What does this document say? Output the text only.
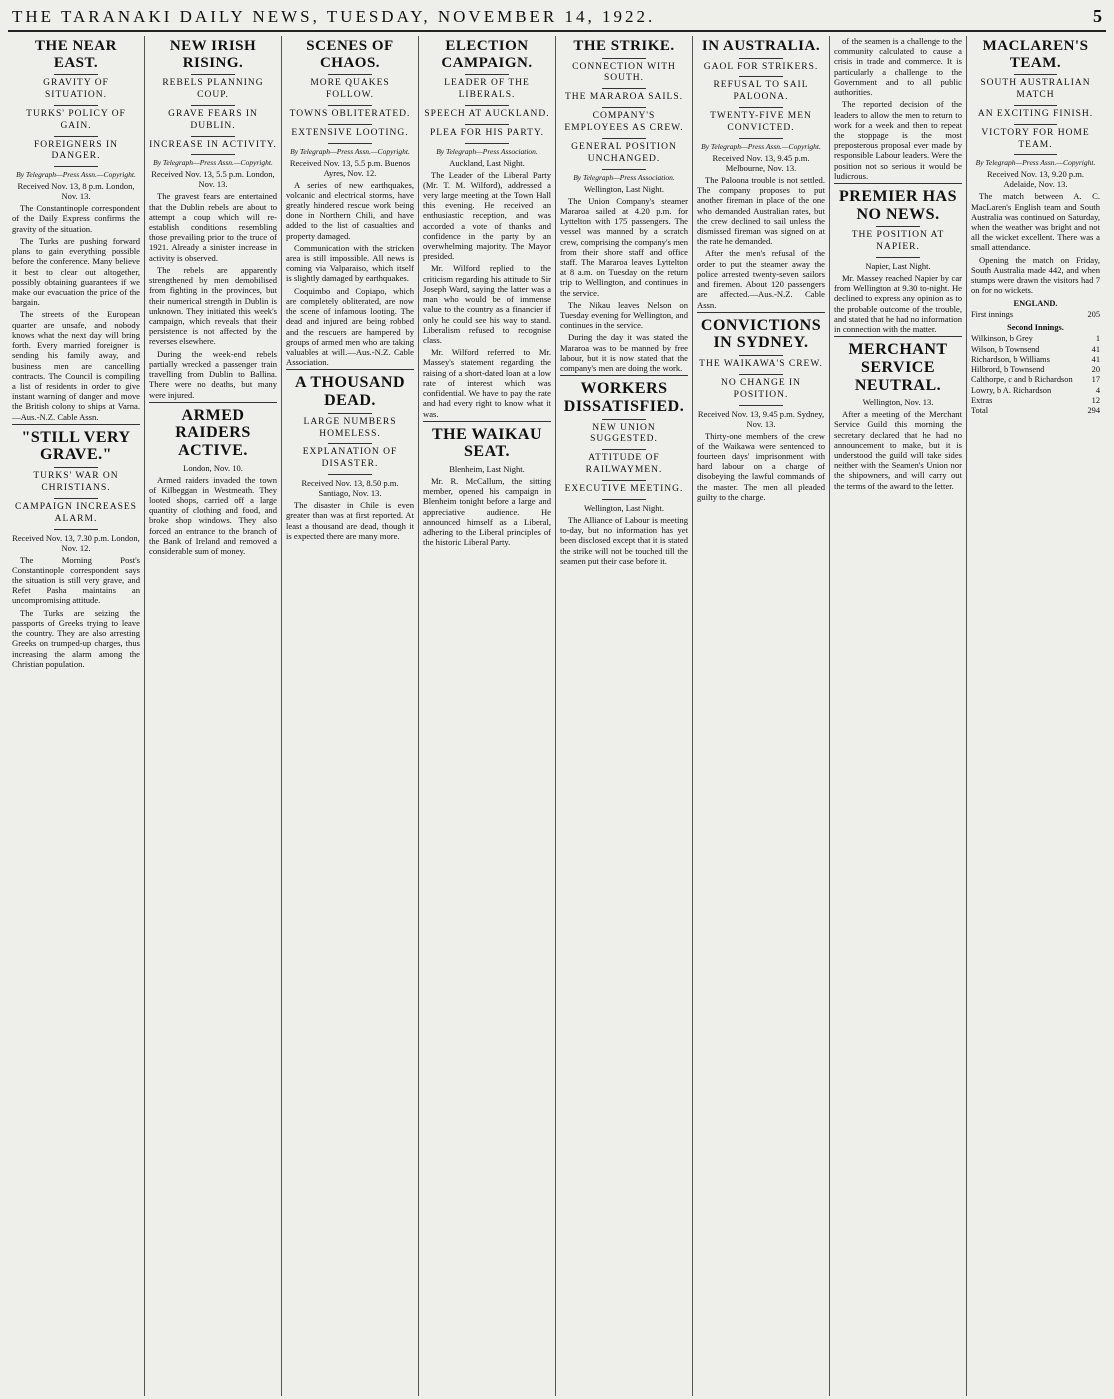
THE TARANAKI DAILY NEWS, TUESDAY, NOVEMBER 14, 1922.	5
THE NEAR EAST.
GRAVITY OF SITUATION.
TURKS' POLICY OF GAIN.
FOREIGNERS IN DANGER.
By Telegraph—Press Assn.—Copyright.
Received Nov. 13, 8 p.m. London, Nov. 13.

The Constantinople correspondent of the Daily Express confirms the gravity of the situation.

The Turks are pushing forward plans to gain everything possible before the conference. Many believe it best to clear out altogether, possibly obtaining guarantees if we make our evacuation the price of the bargain.

The streets of the European quarter are unsafe, and nobody knows what the next day will bring forth. Every married foreigner is sending his family away, and business men are cancelling contracts. The Council is compiling a list of residents in order to give instant warning of danger and move the British colony to ships at Varna.—Aus.-N.Z. Cable Assn.

"STILL VERY GRAVE."
TURKS' WAR ON CHRISTIANS.
CAMPAIGN INCREASES ALARM.
Received Nov. 13, 7.30 p.m. London, Nov. 12.

The Morning Post's Constantinople correspondent says the situation is still very grave, and Refet Pasha maintains an uncompromising attitude.

The Turks are seizing the passports of Greeks trying to leave the country. They are also arresting Greeks on trumped-up charges, thus increasing the alarm among the Christian population.

NEW IRISH RISING.
REBELS PLANNING COUP.
GRAVE FEARS IN DUBLIN.
INCREASE IN ACTIVITY.
By Telegraph—Press Assn.—Copyright.
Received Nov. 13, 5.5 p.m. London, Nov. 13.

The gravest fears are entertained that the Dublin rebels are about to attempt a coup which will re-establish conditions resembling those prevailing prior to the truce of 1921. Already a sinister increase in activity is observed.

The rebels are apparently strengthened by men demobilised from fighting in the provinces, but their numerical strength in Dublin is unknown. They initiated this week's campaign, which reveals that their persistence is not affected by the reverses elsewhere.

During the week-end rebels partially wrecked a passenger train travelling from Dublin to Ballina. There were no deaths, but many were injured.

ARMED RAIDERS ACTIVE.
London, Nov. 10.

Armed raiders invaded the town of Kilbeggan in Westmeath. They looted shops, carried off a large quantity of clothing and food, and broke shop windows. They also forced an entrance to the branch of the Bank of Ireland and removed a considerable sum of money.

SCENES OF CHAOS.
MORE QUAKES FOLLOW.
TOWNS OBLITERATED.
EXTENSIVE LOOTING.
By Telegraph—Press Assn.—Copyright.
Received Nov. 13, 5.5 p.m. Buenos Ayres, Nov. 12.

A series of new earthquakes, volcanic and electrical storms, have greatly hindered rescue work being done in Northern Chili, and have added to the list of casualties and property damaged.

Communication with the stricken area is still impossible. All news is coming via Valparaiso, which itself is slightly damaged by earthquakes.

Coquimbo and Copiapo, which are completely obliterated, are now the scene of infamous looting. The dead and injured are being robbed and the rescuers are hampered by groups of armed men who are taking valuables at will.—Aus.-N.Z. Cable Association.

A THOUSAND DEAD.
LARGE NUMBERS HOMELESS.
EXPLANATION OF DISASTER.
Received Nov. 13, 8.50 p.m. Santiago, Nov. 13.

The disaster in Chile is even greater than was at first reported. At least a thousand are dead, though it is expected there are many more.

ELECTION CAMPAIGN.
LEADER OF THE LIBERALS.
SPEECH AT AUCKLAND.
PLEA FOR HIS PARTY.
By Telegraph—Press Association.
Auckland, Last Night.

The Leader of the Liberal Party (Mr. T. M. Wilford), addressed a very large meeting at the Town Hall this evening. He received an enthusiastic reception, and was accorded a vote of thanks and confidence in the party by an overwhelming majority. The Mayor presided.

Mr. Wilford replied to the criticism regarding his attitude to Sir Joseph Ward, saying the latter was a man who would be of immense value to the country as a financier if only he could see his way to stand. Liberalism refused to recognise class.

Mr. Wilford referred to Mr. Massey's statement regarding the raising of a short-dated loan at a low rate of interest which was confidential. We have to pay the rate and had every right to know what it was.

THE WAIKAU SEAT.
Blenheim, Last Night.

Mr. R. McCallum, the sitting member, opened his campaign in Blenheim tonight before a large and appreciative audience. He announced himself as a Liberal, adhering to the Liberal principles of the historic Liberal Party.

THE STRIKE.
CONNECTION WITH SOUTH.
THE MARAROA SAILS.
COMPANY'S EMPLOYEES AS CREW.
GENERAL POSITION UNCHANGED.
By Telegraph—Press Association.
Wellington, Last Night.

The Union Company's steamer Mararoa sailed at 4.20 p.m. for Lyttelton with 175 passengers. The vessel was manned by a scratch crew, comprising the company's men from their shore staff and office staff. The Mararoa leaves Lyttelton at 8 a.m. on Tuesday on the return trip to Wellington, and continues in the service.

The Nikau leaves Nelson on Tuesday evening for Wellington, and continues in the service.

During the day it was stated the Mararoa was to be manned by free labour, but it is now stated that the company's men are doing the work.

WORKERS DISSATISFIED.
NEW UNION SUGGESTED.
ATTITUDE OF RAILWAYMEN.
EXECUTIVE MEETING.
Wellington, Last Night.

The Alliance of Labour is meeting to-day, but no information has yet been disclosed except that it is stated the strike will not be touched till the seamen put their case before it.

IN AUSTRALIA.
GAOL FOR STRIKERS.
REFUSAL TO SAIL PALOONA.
TWENTY-FIVE MEN CONVICTED.
By Telegraph—Press Assn.—Copyright.
Received Nov. 13, 9.45 p.m. Melbourne, Nov. 13.

The Paloona trouble is not settled. The company proposes to put another fireman in place of the one who demanded Australian rates, but the crew declined to sail unless the dismissed fireman was signed on at the rate he demanded.

After the men's refusal of the order to put the steamer away the police arrested twenty-seven sailors and firemen. About 120 passengers are affected.—Aus.-N.Z. Cable Assn.

CONVICTIONS IN SYDNEY.
THE WAIKAWA'S CREW.
NO CHANGE IN POSITION.
Received Nov. 13, 9.45 p.m. Sydney, Nov. 13.

Thirty-one members of the crew of the Waikawa were sentenced to fourteen days' imprisonment with hard labour on a charge of disobeying the lawful commands of the master. The men all pleaded guilty to the charge.

of the seamen is a challenge to the community calculated to cause a crisis in trade and commerce. It is particularly a challenge to the Government and to all public authorities.

The reported decision of the leaders to allow the men to return to work for a week and then to repeat the stoppage is the most preposterous proposal ever made by responsible Labour leaders. Were the position not so serious it would be ludicrous.

PREMIER HAS NO NEWS.
THE POSITION AT NAPIER.
Napier, Last Night.

Mr. Massey reached Napier by car from Wellington at 9.30 to-night. He declined to express any opinion as to the probable outcome of the trouble, and stated that he had no information in connection with the matter.

MERCHANT SERVICE NEUTRAL.
Wellington, Nov. 13.

After a meeting of the Merchant Service Guild this morning the secretary declared that he had no announcement to make, but it is understood the guild will take sides neither with the Seamen's Union nor the shipowners, and will carry out the terms of the award to the letter.

MACLAREN'S TEAM.
SOUTH AUSTRALIAN MATCH
AN EXCITING FINISH.
VICTORY FOR HOME TEAM.
By Telegraph—Press Assn.—Copyright.
Received Nov. 13, 9.20 p.m. Adelaide, Nov. 13.

The match between A. C. MacLaren's English team and South Australia was continued on Saturday, when the weather was bright and not all the wicket excellent. There was a small attendance.

Opening the match on Friday, South Australia made 442, and when stumps were drawn the visitors had 7 on for no wickets.

ENGLAND.
First innings	205
Second Innings.
Wilkinson, b Grey	1
Wilson, b Townsend	41
Richardson, b Williams	41
Hilbrord, b Townsend	20
Calthorpe, c and b Richardson 17
Lowry, b A. Richardson	4
Extras	12
Total	294
